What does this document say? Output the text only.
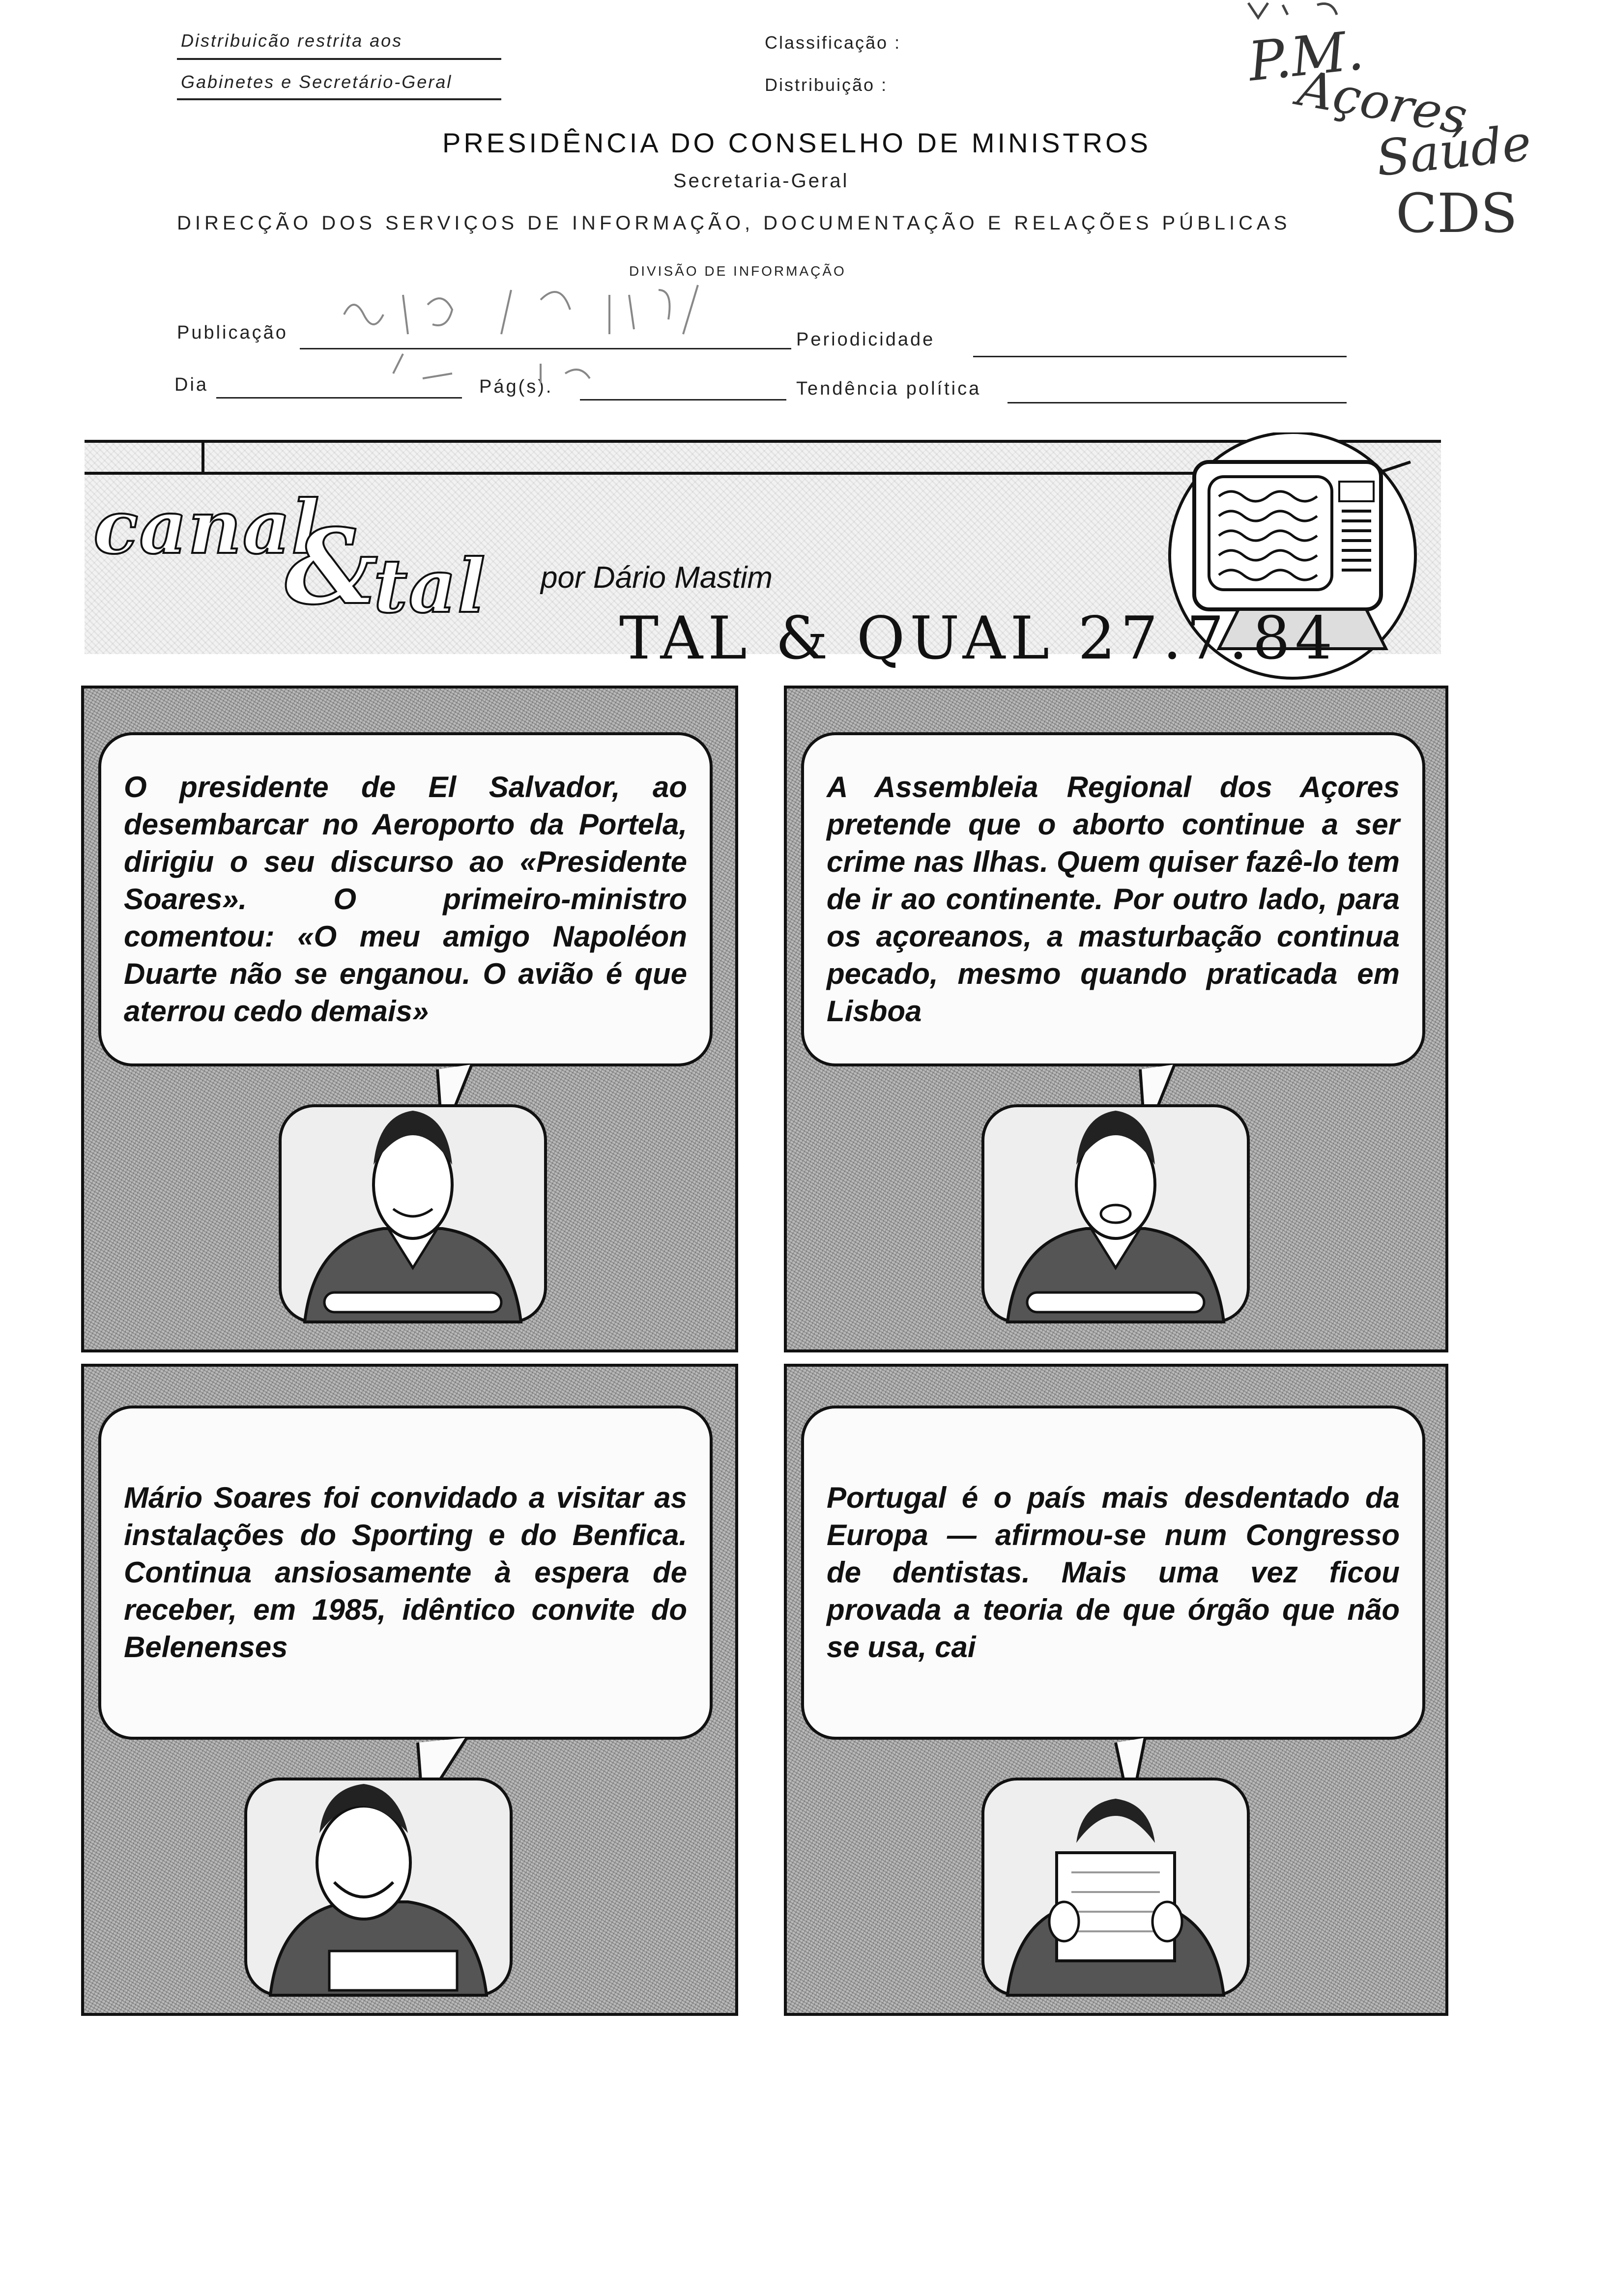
Distribuicão restrita aos
Gabinetes e Secretário-Geral
Classificação :
Distribuição :
PRESIDÊNCIA DO CONSELHO DE MINISTROS
Secretaria-Geral
DIRECÇÃO DOS SERVIÇOS DE INFORMAÇÃO, DOCUMENTAÇÃO E RELAÇÕES PÚBLICAS
DIVISÃO DE INFORMAÇÃO
Publicação	Periodicidade
Dia	Pág(s).	Tendência política
P.M.
Açores
Saúde
CDS
canal
&
tal por Dário Mastim
TAL & QUAL 27.7.84

O presidente de El Salvador, ao desembarcar no Aeroporto da Portela, dirigiu o seu discurso ao «Presidente Soares». O primeiro-ministro comentou: «O meu amigo Napoléon Duarte não se enganou. O avião é que aterrou cedo demais»

A Assembleia Regional dos Açores pretende que o aborto continue a ser crime nas Ilhas. Quem quiser fazê-lo tem de ir ao continente. Por outro lado, para os açoreanos, a masturbação continua pecado, mesmo quando praticada em Lisboa

Mário Soares foi convidado a visitar as instalações do Sporting e do Benfica. Continua ansiosamente à espera de receber, em 1985, idêntico convite do Belenenses

Portugal é o país mais desdentado da Europa — afirmou-se num Congresso de dentistas. Mais uma vez ficou provada a teoria de que órgão que não se usa, cai
